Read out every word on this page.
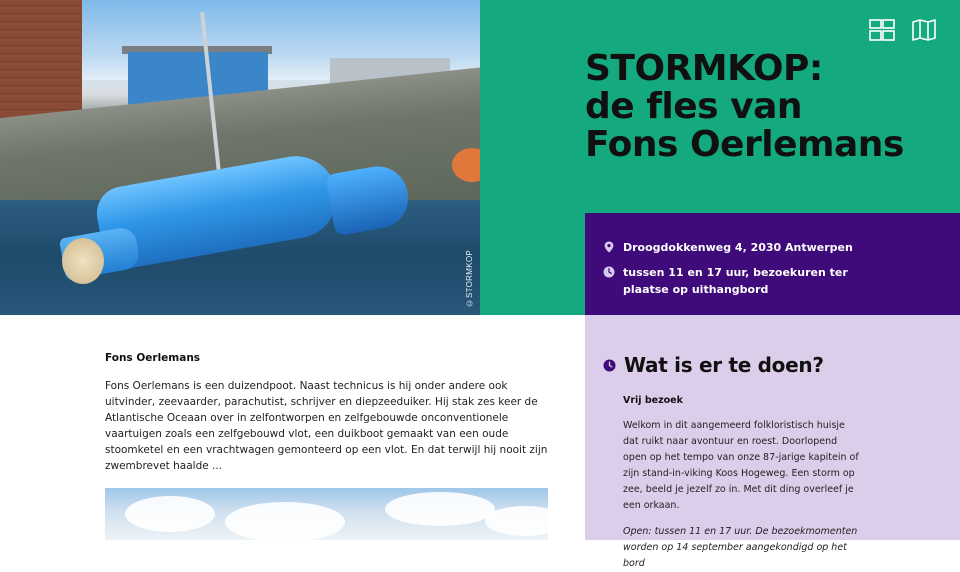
©STORMKOP
STORMKOP:
de fles van
Fons Oerlemans
Droogdokkenweg 4, 2030 Antwerpen
tussen 11 en 17 uur, bezoekuren ter plaatse op uithangbord
Fons Oerlemans

Fons Oerlemans is een duizendpoot. Naast technicus is hij onder andere ook uitvinder, zeevaarder, parachutist, schrijver en diepzeeduiker. Hij stak zes keer de Atlantische Oceaan over in zelfontworpen en zelfgebouwde onconventionele vaartuigen zoals een zelfgebouwd vlot, een duikboot gemaakt van een oude stoomketel en een vrachtwagen gemonteerd op een vlot. En dat terwijl hij nooit zijn zwembrevet haalde ...

Wat is er te doen?
Vrij bezoek
Welkom in dit aangemeerd folkloristisch huisje dat ruikt naar avontuur en roest. Doorlopend open op het tempo van onze 87-jarige kapitein of zijn stand-in-viking Koos Hogeweg. Een storm op zee, beeld je jezelf zo in. Met dit ding overleef je een orkaan.
Open: tussen 11 en 17 uur. De bezoekmomenten worden op 14 september aangekondigd op het bord
